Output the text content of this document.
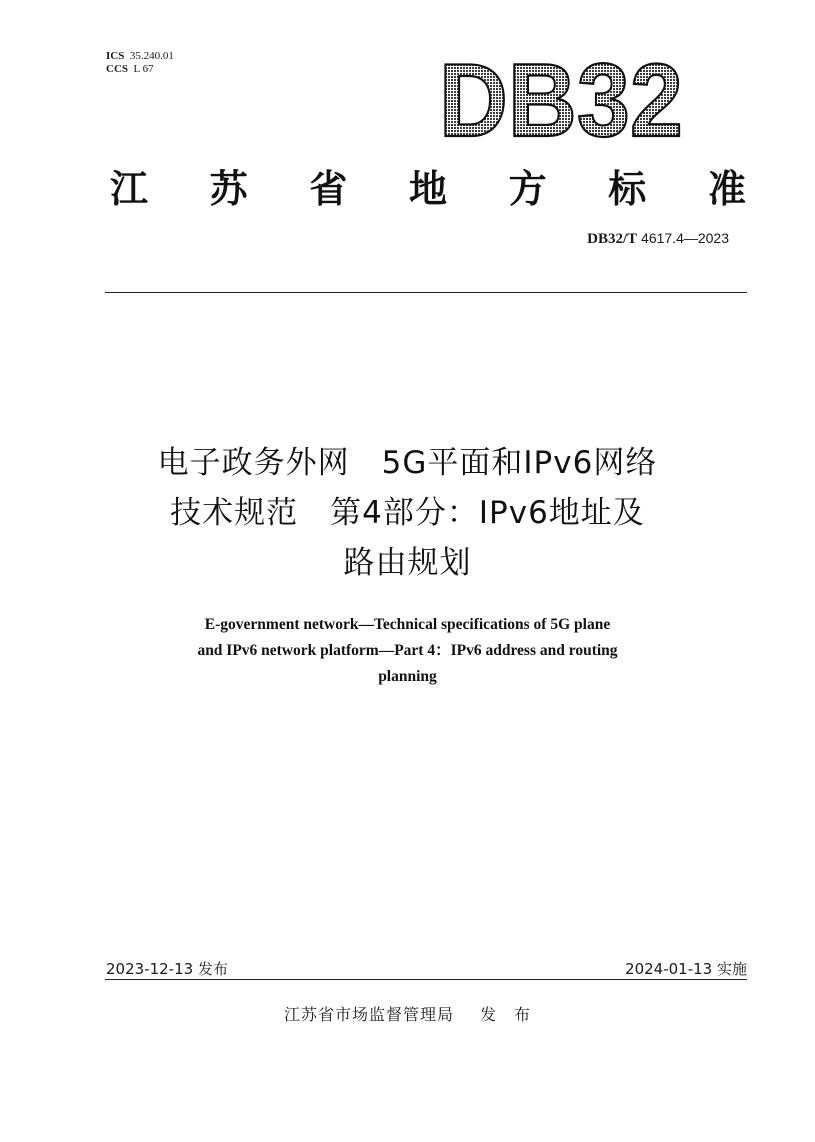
ICS 35.240.01
CCS L 67	DB32
江 苏 省 地 方 标 准
DB32/T 4617.4—2023
电子政务外网　5G平面和IPv6网络
技术规范　第4部分：IPv6地址及
路由规划
E-government network—Technical specifications of 5G plane
and IPv6 network platform—Part 4：IPv6 address and routing
planning
2023-12-13 发布	2024-01-13 实施
江苏省市场监督管理局 发　布
